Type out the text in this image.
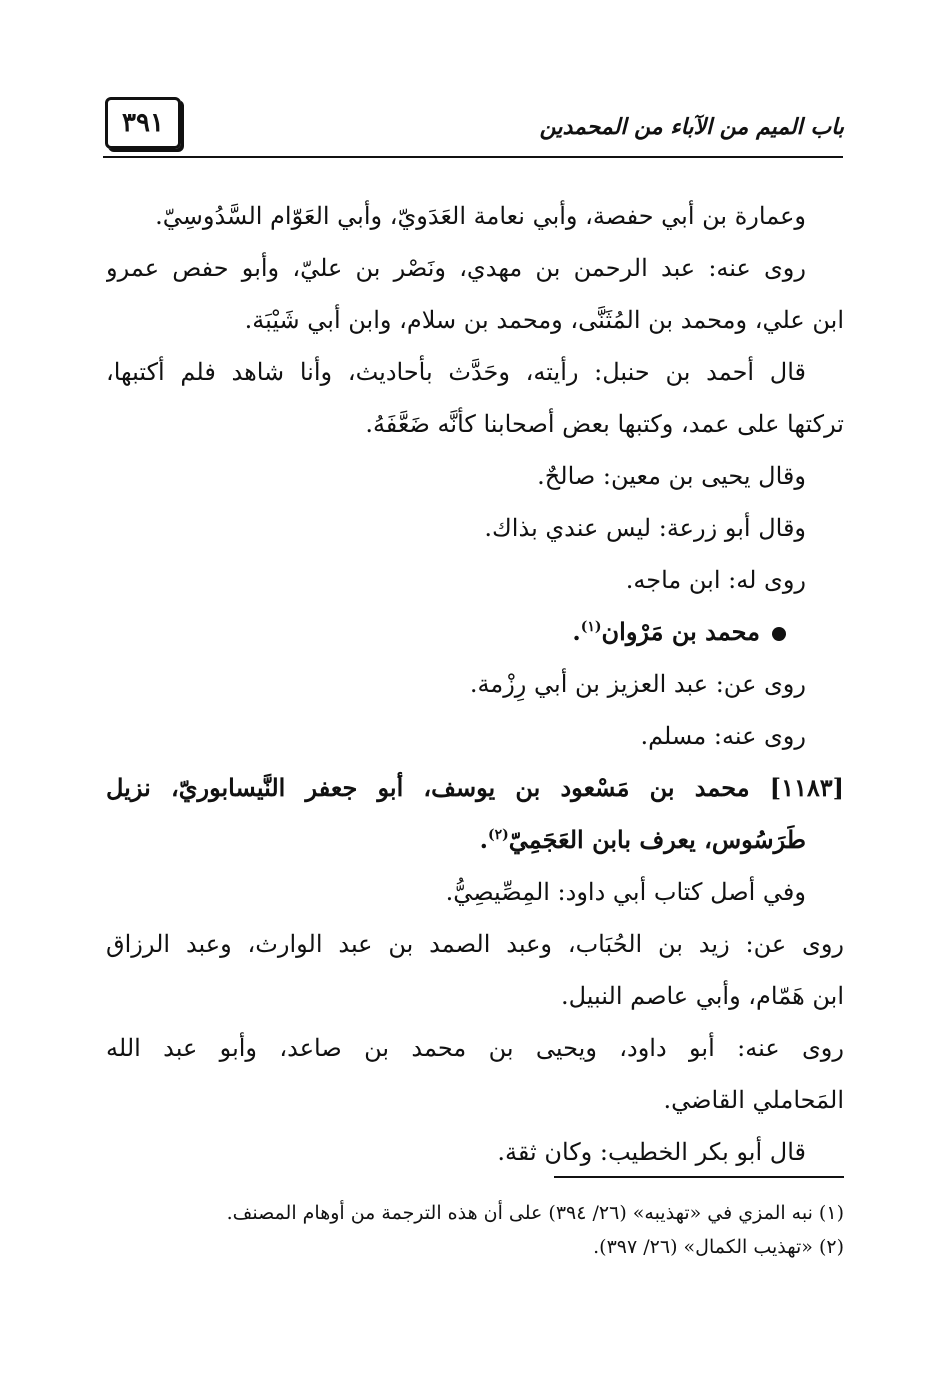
باب الميم من الآباء من المحمدين
٣٩١
وعمارة بن أبي حفصة، وأبي نعامة العَدَويّ، وأبي العَوّام السَّدُوسِيّ.
روى عنه: عبد الرحمن بن مهدي، ونَصْر بن عليّ، وأبو حفص عمرو
ابن علي، ومحمد بن المُثَنَّى، ومحمد بن سلام، وابن أبي شَيْبَة.
قال أحمد بن حنبل: رأيته، وحَدَّث بأحاديث، وأنا شاهد فلم أكتبها،
تركتها على عمد، وكتبها بعض أصحابنا كأنَّه ضَعَّفَهُ.
وقال يحيى بن معين: صالحٌ.
وقال أبو زرعة: ليس عندي بذاك.
روى له: ابن ماجه.
محمد بن مَرْوان$^{(١)}$.
روى عن: عبد العزيز بن أبي رِزْمة.
روى عنه: مسلم.
[١١٨٣] محمد بن مَسْعود بن يوسف، أبو جعفر النَّيسابوريّ، نزيل
طَرَسُوس، يعرف بابن العَجَمِيّ$^{(٢)}$.
وفي أصل كتاب أبي داود: المِصِّيصِيُّ.
روى عن: زيد بن الحُبَاب، وعبد الصمد بن عبد الوارث، وعبد الرزاق
ابن هَمّام، وأبي عاصم النبيل.
روى عنه: أبو داود، ويحيى بن محمد بن صاعد، وأبو عبد الله
المَحاملي القاضي.
قال أبو بكر الخطيب: وكان ثقة.
(١) نبه المزي في «تهذيبه» (٢٦/ ٣٩٤) على أن هذه الترجمة من أوهام المصنف.
(٢) «تهذيب الكمال» (٢٦/ ٣٩٧).
